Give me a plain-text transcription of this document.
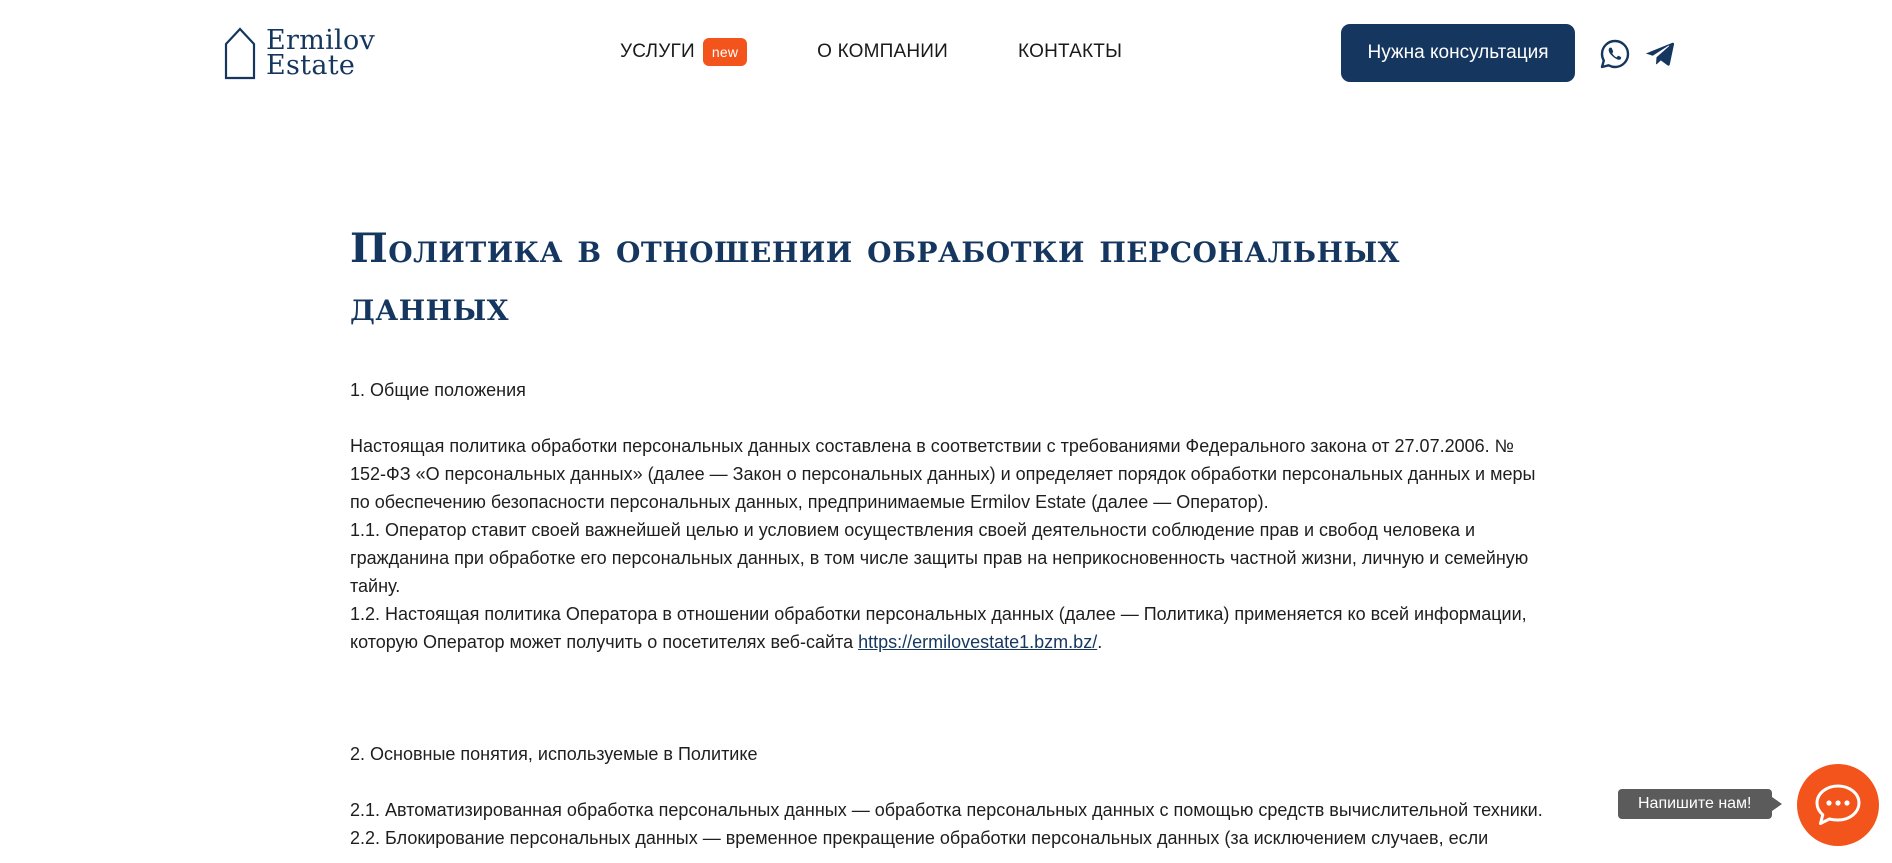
Ermilov
Estate	УСЛУГИ	new	О КОМПАНИИ	КОНТАКТЫ	Нужна консультация
Политика в отношении обработки персональных
данных

1. Общие положения

Настоящая политика обработки персональных данных составлена в соответствии с требованиями Федерального закона от 27.07.2006. № 152-ФЗ «О персональных данных» (далее — Закон о персональных данных) и определяет порядок обработки персональных данных и меры по обеспечению безопасности персональных данных, предпринимаемые Ermilov Estate (далее — Оператор).

1.1. Оператор ставит своей важнейшей целью и условием осуществления своей деятельности соблюдение прав и свобод человека и гражданина при обработке его персональных данных, в том числе защиты прав на неприкосновенность частной жизни, личную и семейную тайну.

1.2. Настоящая политика Оператора в отношении обработки персональных данных (далее — Политика) применяется ко всей информации, которую Оператор может получить о посетителях веб-сайта https://ermilovestate1.bzm.bz/.

2. Основные понятия, используемые в Политике

2.1. Автоматизированная обработка персональных данных — обработка персональных данных с помощью средств вычислительной техники.

2.2. Блокирование персональных данных — временное прекращение обработки персональных данных (за исключением случаев, если

Напишите нам!
